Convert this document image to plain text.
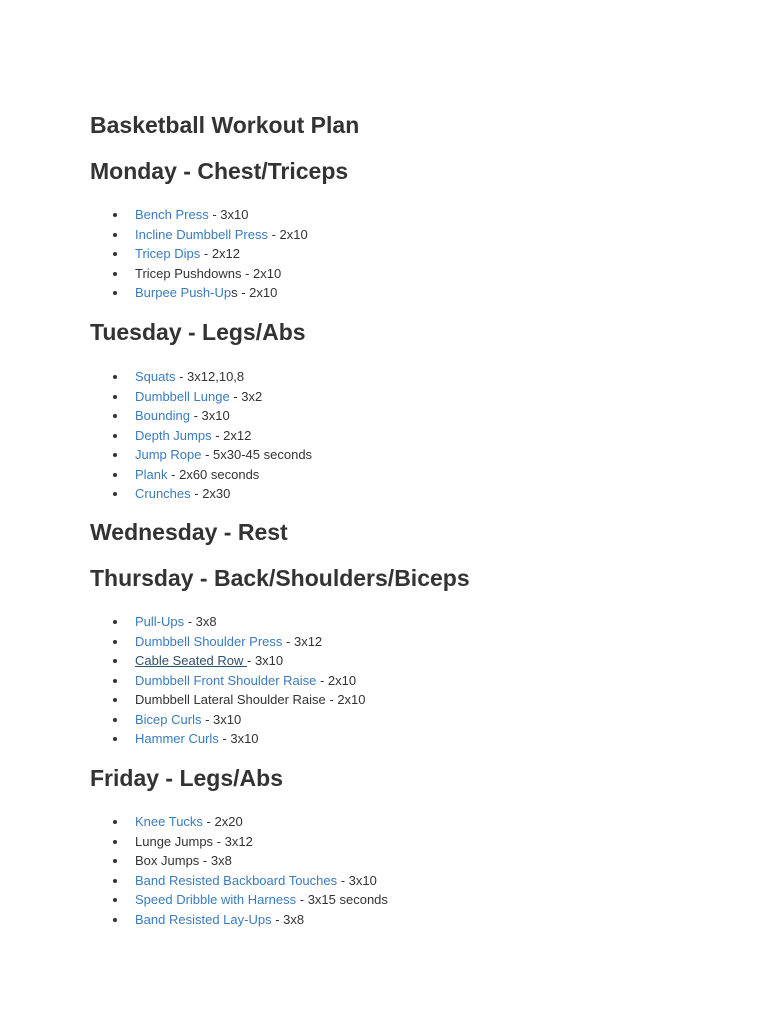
Basketball Workout Plan
Monday - Chest/Triceps
Bench Press - 3x10
Incline Dumbbell Press - 2x10
Tricep Dips - 2x12
Tricep Pushdowns - 2x10
Burpee Push-Ups - 2x10
Tuesday - Legs/Abs
Squats - 3x12,10,8
Dumbbell Lunge - 3x2
Bounding - 3x10
Depth Jumps - 2x12
Jump Rope - 5x30-45 seconds
Plank - 2x60 seconds
Crunches - 2x30
Wednesday - Rest
Thursday - Back/Shoulders/Biceps
Pull-Ups - 3x8
Dumbbell Shoulder Press - 3x12
Cable Seated Row - 3x10
Dumbbell Front Shoulder Raise - 2x10
Dumbbell Lateral Shoulder Raise - 2x10
Bicep Curls - 3x10
Hammer Curls - 3x10
Friday - Legs/Abs
Knee Tucks - 2x20
Lunge Jumps - 3x12
Box Jumps - 3x8
Band Resisted Backboard Touches - 3x10
Speed Dribble with Harness - 3x15 seconds
Band Resisted Lay-Ups - 3x8
